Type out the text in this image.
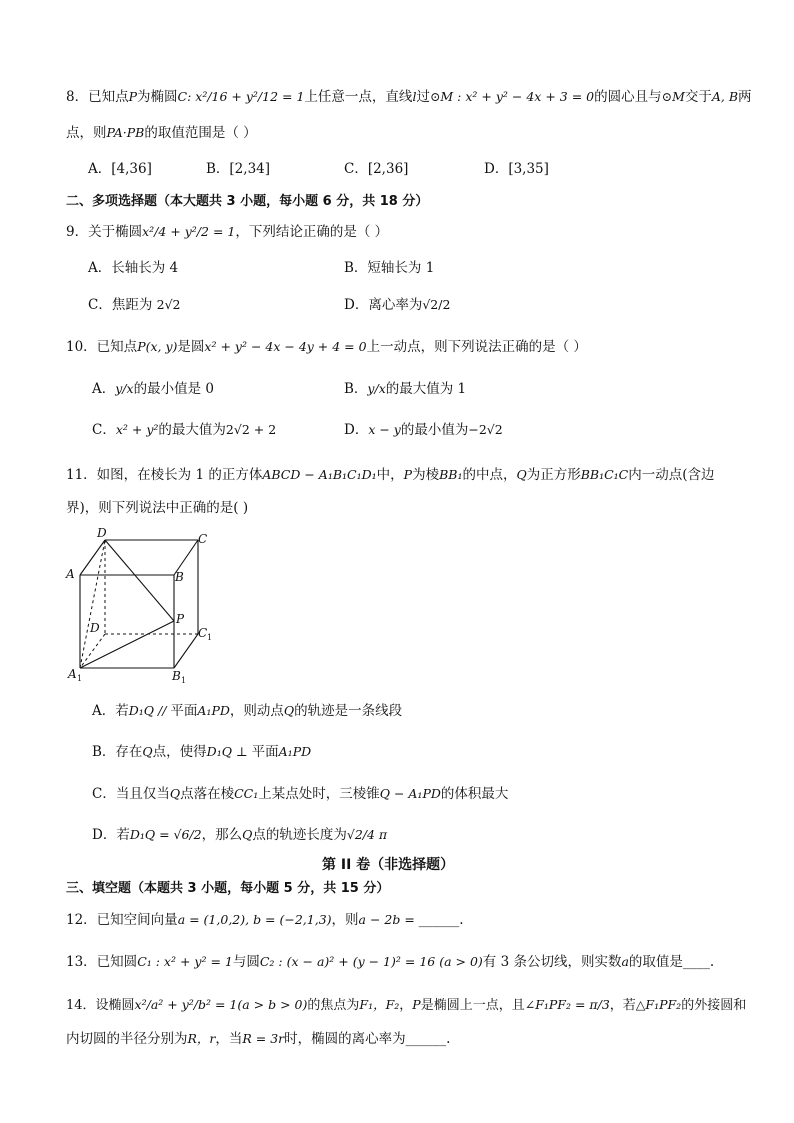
8．已知点P为椭圆C: x²/16 + y²/12 = 1上任意一点，直线l过⊙M : x² + y² − 4x + 3 = 0的圆心且与⊙M交于A, B两
点，则PA·PB的取值范围是（ ）
A．[4,36]	B．[2,34]	C．[2,36]	D．[3,35]
二、多项选择题（本大题共 3 小题，每小题 6 分，共 18 分）
9．关于椭圆x²/4 + y²/2 = 1，下列结论正确的是（ ）
A．长轴长为 4	B．短轴长为 1
C．焦距为 2√2	D．离心率为√2/2
10．已知点P(x, y)是圆x² + y² − 4x − 4y + 4 = 0上一动点，则下列说法正确的是（ ）
A．y/x的最小值是 0	B．y/x的最大值为 1
C．x² + y²的最大值为2√2 + 2	D．x − y的最小值为−2√2
11．如图，在棱长为 1 的正方体ABCD − A₁B₁C₁D₁中，P为棱BB₁的中点，Q为正方形BB₁C₁C内一动点(含边
界)，则下列说法中正确的是( )
D	C
A	B
P
D	C 1
A 1	B 1
A．若D₁Q // 平面A₁PD，则动点Q的轨迹是一条线段
B．存在Q点，使得D₁Q ⊥ 平面A₁PD
C．当且仅当Q点落在棱CC₁上某点处时，三棱锥Q − A₁PD的体积最大
D．若D₁Q = √6/2，那么Q点的轨迹长度为√2/4 π
第 II 卷（非选择题）
三、填空题（本题共 3 小题，每小题 5 分，共 15 分）
12．已知空间向量a = (1,0,2), b = (−2,1,3)，则a − 2b = ______.
13．已知圆C₁ : x² + y² = 1与圆C₂ : (x − a)² + (y − 1)² = 16 (a > 0)有 3 条公切线，则实数a的取值是____.
14．设椭圆x²/a² + y²/b² = 1(a > b > 0)的焦点为F₁，F₂，P是椭圆上一点，且∠F₁PF₂ = π/3，若△F₁PF₂的外接圆和
内切圆的半径分别为R，r，当R = 3r时，椭圆的离心率为______.
